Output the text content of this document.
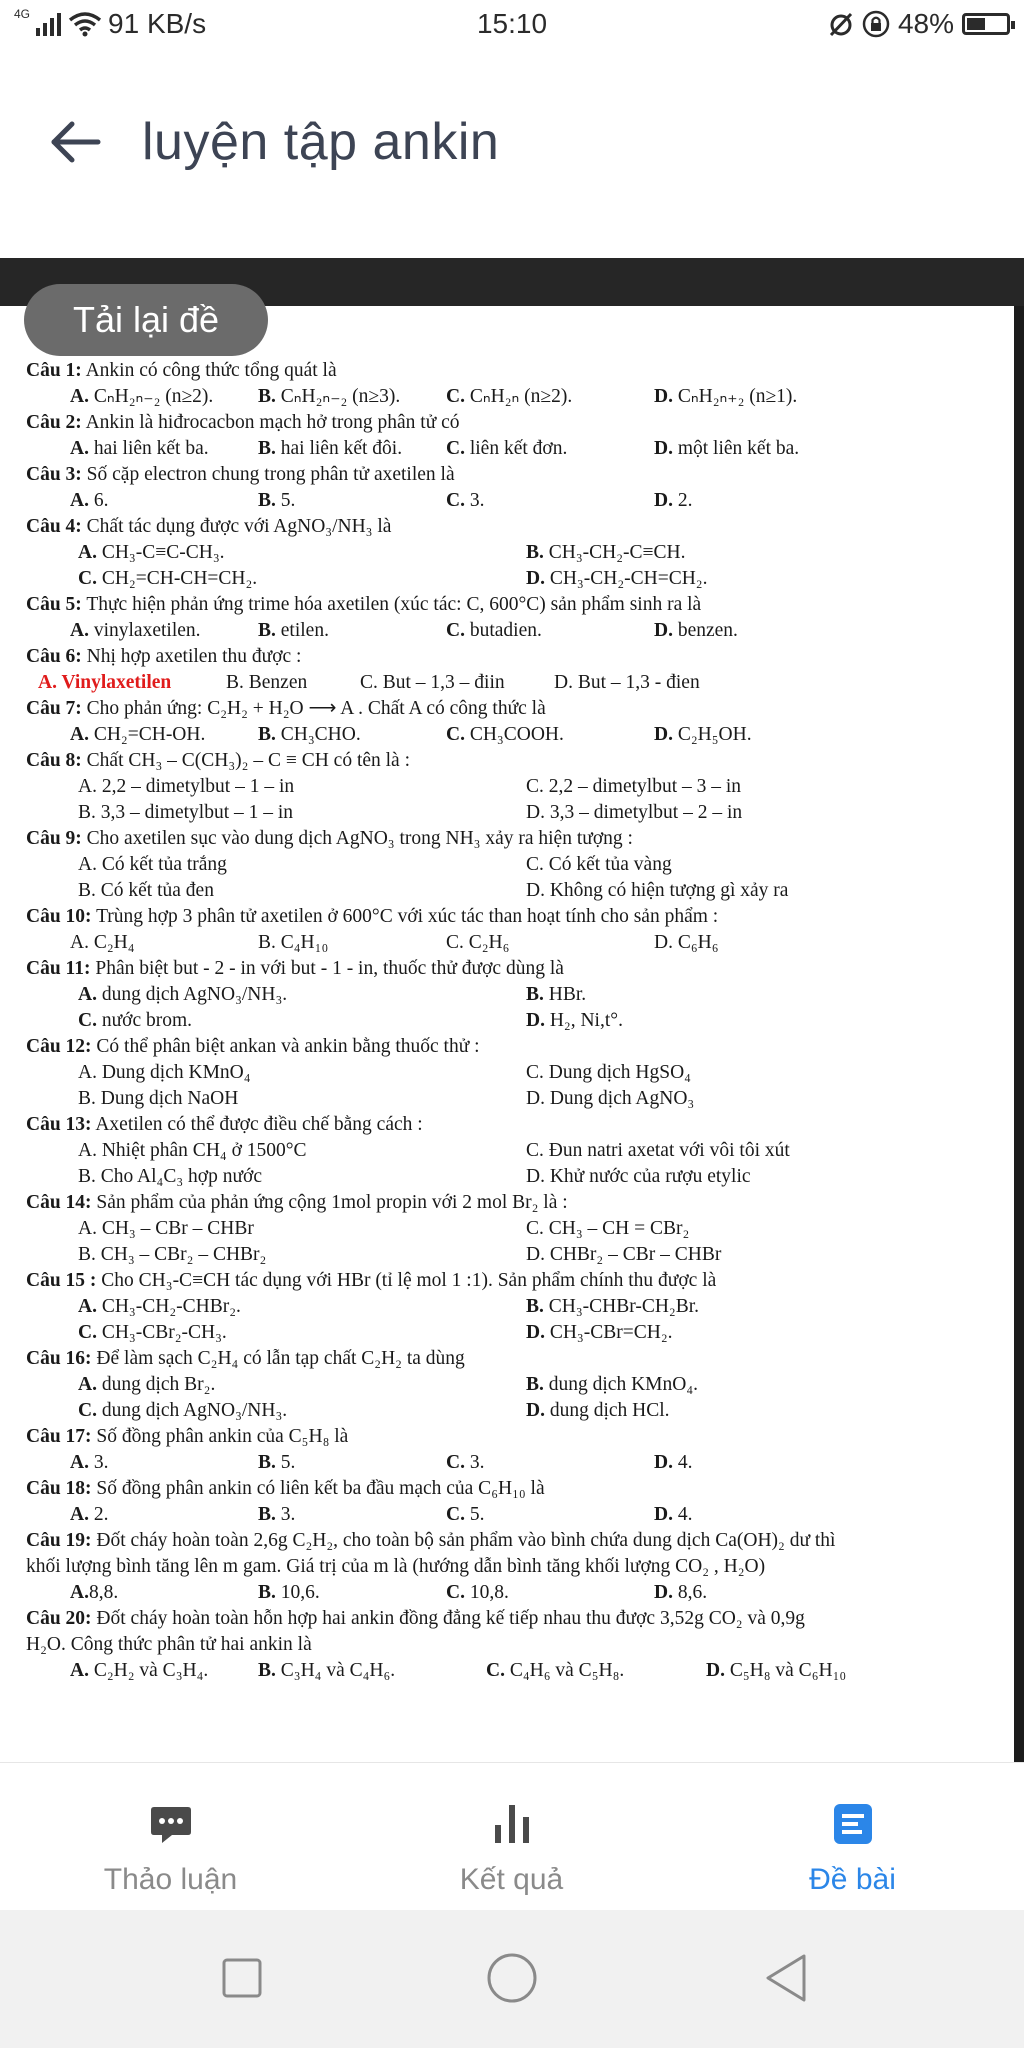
4G	91 KB/s	15:10	48%
luyện tập ankin
Câu 1: Ankin có công thức tổng quát là
A. CₙH₂ₙ₋₂ (n≥2). B. CₙH₂ₙ₋₂ (n≥3). C. CₙH₂ₙ (n≥2).	D. CₙH₂ₙ₊₂ (n≥1).
Câu 2: Ankin là hiđrocacbon mạch hở trong phân tử có
A. hai liên kết ba.	B. hai liên kết đôi. C. liên kết đơn.	D. một liên kết ba.
Câu 3: Số cặp electron chung trong phân tử axetilen là
A. 6.	B. 5.	C. 3.	D. 2.
Câu 4: Chất tác dụng được với AgNO₃/NH₃ là
A. CH₃-C≡C-CH₃.	B. CH₃-CH₂-C≡CH.
C. CH₂=CH-CH=CH₂.	D. CH₃-CH₂-CH=CH₂.
Câu 5: Thực hiện phản ứng trime hóa axetilen (xúc tác: C, 600°C) sản phẩm sinh ra là
A. vinylaxetilen.	B. etilen.	C. butadien.	D. benzen.
Câu 6: Nhị hợp axetilen thu được :
A. Vinylaxetilen	B. Benzen	C. But – 1,3 – điin	D. But – 1,3 - đien
Câu 7: Cho phản ứng: C₂H₂ + H₂O ⟶ A . Chất A có công thức là
A. CH₂=CH-OH.	B. CH₃CHO.	C. CH₃COOH.	D. C₂H₅OH.
Câu 8: Chất CH₃ – C(CH₃)₂ – C ≡ CH có tên là :
A. 2,2 – dimetylbut – 1 – in	C. 2,2 – dimetylbut – 3 – in
B. 3,3 – dimetylbut – 1 – in	D. 3,3 – dimetylbut – 2 – in
Câu 9: Cho axetilen sục vào dung dịch AgNO₃ trong NH₃ xảy ra hiện tượng :
A. Có kết tủa trắng	C. Có kết tủa vàng
B. Có kết tủa đen	D. Không có hiện tượng gì xảy ra
Câu 10: Trùng hợp 3 phân tử axetilen ở 600°C với xúc tác than hoạt tính cho sản phẩm :
A. C₂H₄	B. C₄H₁₀	C. C₂H₆	D. C₆H₆
Câu 11: Phân biệt but - 2 - in với but - 1 - in, thuốc thử được dùng là
A. dung dịch AgNO₃/NH₃.	B. HBr.
C. nước brom.	D. H₂, Ni,t°.
Câu 12: Có thể phân biệt ankan và ankin bằng thuốc thử :
A. Dung dịch KMnO₄	C. Dung dịch HgSO₄
B. Dung dịch NaOH	D. Dung dịch AgNO₃
Câu 13: Axetilen có thể được điều chế bằng cách :
A. Nhiệt phân CH₄ ở 1500°C	C. Đun natri axetat với vôi tôi xút
B. Cho Al₄C₃ hợp nước	D. Khử nước của rượu etylic
Câu 14: Sản phẩm của phản ứng cộng 1mol propin với 2 mol Br₂ là :
A. CH₃ – CBr – CHBr	C. CH₃ – CH = CBr₂
B. CH₃ – CBr₂ – CHBr₂	D. CHBr₂ – CBr – CHBr
Câu 15 : Cho CH₃-C≡CH tác dụng với HBr (tỉ lệ mol 1 :1). Sản phẩm chính thu được là
A. CH₃-CH₂-CHBr₂.	B. CH₃-CHBr-CH₂Br.
C. CH₃-CBr₂-CH₃.	D. CH₃-CBr=CH₂.
Câu 16: Để làm sạch C₂H₄ có lẫn tạp chất C₂H₂ ta dùng
A. dung dịch Br₂.	B. dung dịch KMnO₄.
C. dung dịch AgNO₃/NH₃.	D. dung dịch HCl.
Câu 17: Số đồng phân ankin của C₅H₈ là
A. 3.	B. 5.	C. 3.	D. 4.
Câu 18: Số đồng phân ankin có liên kết ba đầu mạch của C₆H₁₀ là
A. 2.	B. 3.	C. 5.	D. 4.
Câu 19: Đốt cháy hoàn toàn 2,6g C₂H₂, cho toàn bộ sản phẩm vào bình chứa dung dịch Ca(OH)₂ dư thì
khối lượng bình tăng lên m gam. Giá trị của m là (hướng dẫn bình tăng khối lượng CO₂ , H₂O)
A.8,8.	B. 10,6.	C. 10,8.	D. 8,6.
Câu 20: Đốt cháy hoàn toàn hỗn hợp hai ankin đồng đẳng kế tiếp nhau thu được 3,52g CO₂ và 0,9g
H₂O. Công thức phân tử hai ankin là
A. C₂H₂ và C₃H₄.	B. C₃H₄ và C₄H₆.	C. C₄H₆ và C₅H₈.	D. C₅H₈ và C₆H₁₀
Tải lại đề
Thảo luận	Kết quả	Đề bài
